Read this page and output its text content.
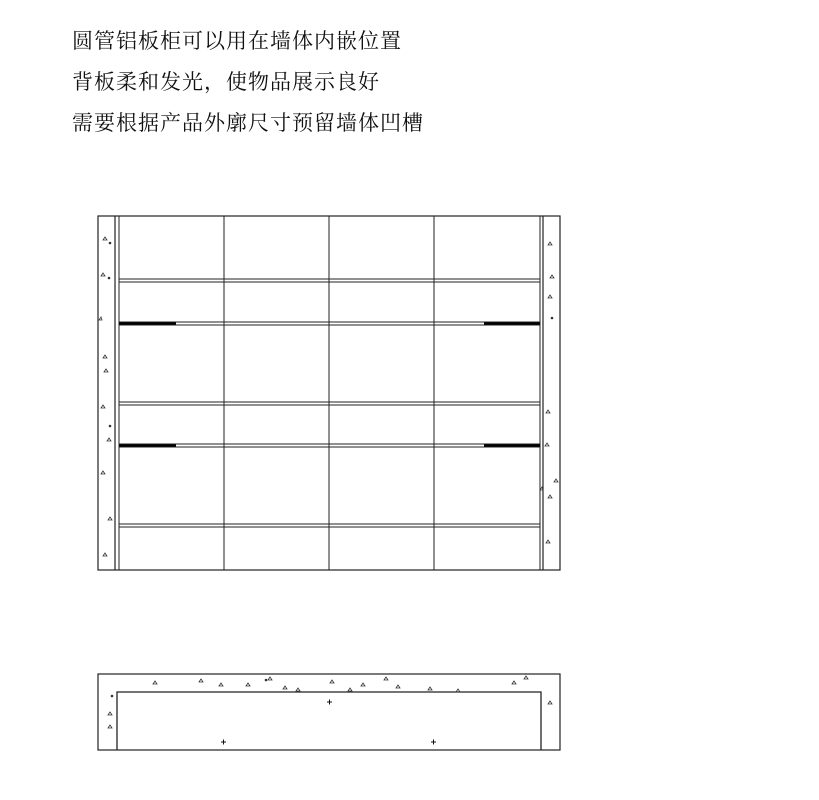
圆管铝板柜可以用在墙体内嵌位置
背板柔和发光，使物品展示良好
需要根据产品外廓尺寸预留墙体凹槽
